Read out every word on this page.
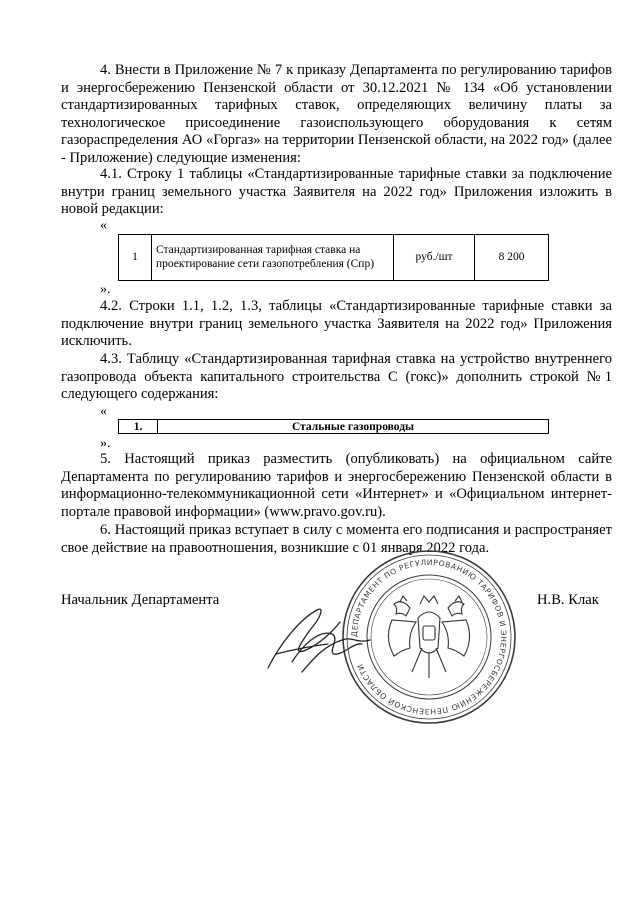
4. Внести в Приложение № 7 к приказу Департамента по регулированию тарифов и энергосбережению Пензенской области от 30.12.2021 № 134 «Об установлении стандартизированных тарифных ставок, определяющих величину платы за технологическое присоединение газоиспользующего оборудования к сетям газораспределения АО «Горгаз» на территории Пензенской области, на 2022 год» (далее - Приложение) следующие изменения:

4.1. Строку 1 таблицы «Стандартизированные тарифные ставки за подключение внутри границ земельного участка Заявителя на 2022 год» Приложения изложить в новой редакции:

«
1	Стандартизированная тарифная ставка на проектирование сети газопотребления (Спр)	руб./шт	8 200
».

4.2. Строки 1.1, 1.2, 1.3, таблицы «Стандартизированные тарифные ставки за подключение внутри границ земельного участка Заявителя на 2022 год» Приложения исключить.

4.3. Таблицу «Стандартизированная тарифная ставка на устройство внутреннего газопровода объекта капитального строительства С (гокс)» дополнить строкой №1 следующего содержания:

«
1.	Стальные газопроводы
».

5. Настоящий приказ разместить (опубликовать) на официальном сайте Департамента по регулированию тарифов и энергосбережению Пензенской области в информационно-телекоммуникационной сети «Интернет» и «Официальном интернет-портале правовой информации» (www.pravo.gov.ru).

6. Настоящий приказ вступает в силу с момента его подписания и распространяет свое действие на правоотношения, возникшие с 01 января 2022 года.

ДЕПАРТАМЕНТ ПО РЕГУЛИРОВАНИЮ ТАРИФОВ И ЭНЕРГОСБЕРЕЖЕНИЮ ПЕНЗЕНСКОЙ ОБЛАСТИ
Начальник Департамента	Н.В. Клак
